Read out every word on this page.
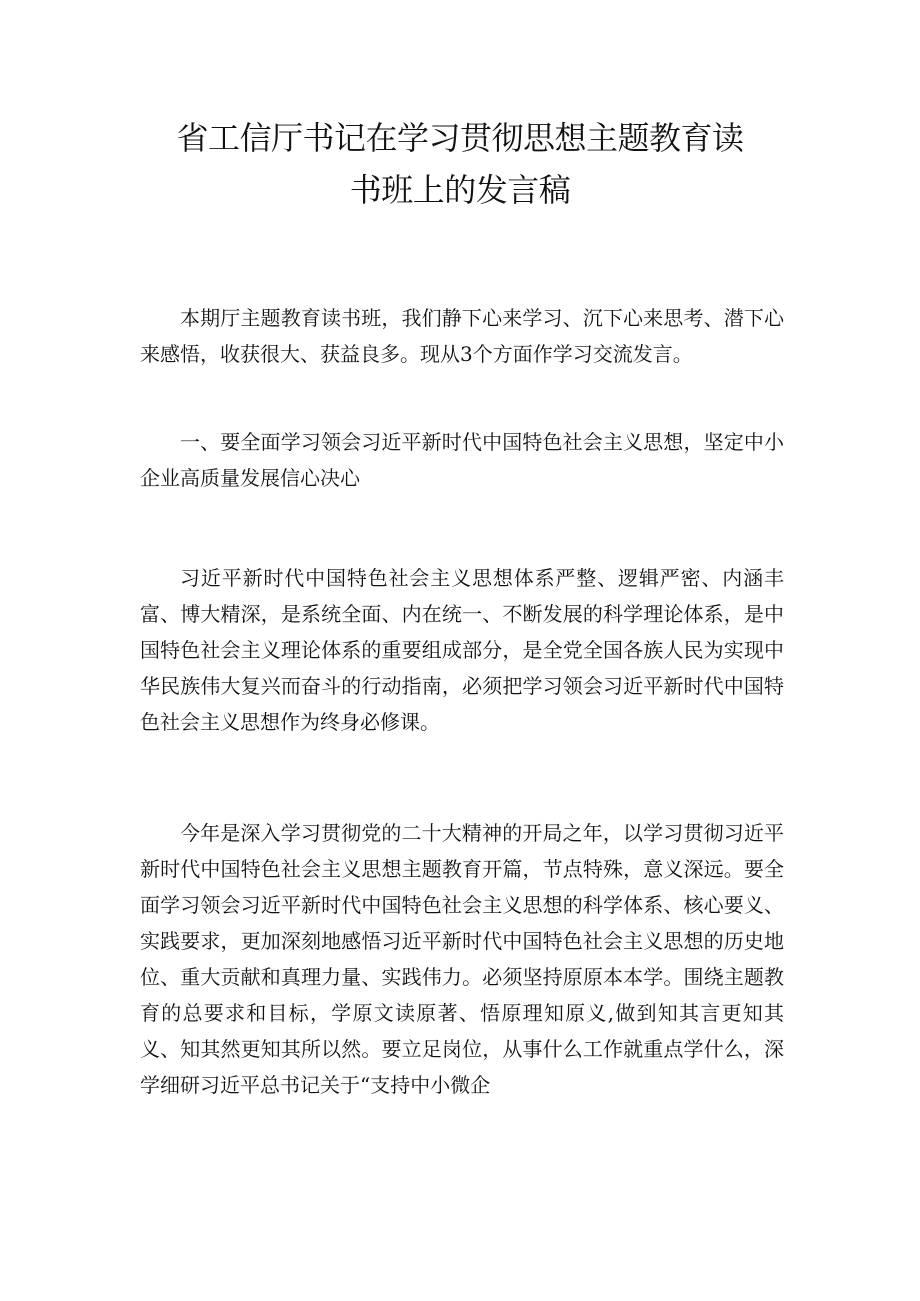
省工信厅书记在学习贯彻思想主题教育读
书班上的发言稿

本期厅主题教育读书班，我们静下心来学习、沉下心来思考、潜下心来感悟，收获很大、获益良多。现从3个方面作学习交流发言。

一、要全面学习领会习近平新时代中国特色社会主义思想，坚定中小企业高质量发展信心决心

习近平新时代中国特色社会主义思想体系严整、逻辑严密、内涵丰富、博大精深，是系统全面、内在统一、不断发展的科学理论体系，是中国特色社会主义理论体系的重要组成部分，是全党全国各族人民为实现中华民族伟大复兴而奋斗的行动指南，必须把学习领会习近平新时代中国特色社会主义思想作为终身必修课。

今年是深入学习贯彻党的二十大精神的开局之年，以学习贯彻习近平新时代中国特色社会主义思想主题教育开篇，节点特殊，意义深远。要全面学习领会习近平新时代中国特色社会主义思想的科学体系、核心要义、实践要求，更加深刻地感悟习近平新时代中国特色社会主义思想的历史地位、重大贡献和真理力量、实践伟力。必须坚持原原本本学。围绕主题教育的总要求和目标，学原文读原著、悟原理知原义,做到知其言更知其义、知其然更知其所以然。要立足岗位，从事什么工作就重点学什么，深学细研习近平总书记关于“支持中小微企
